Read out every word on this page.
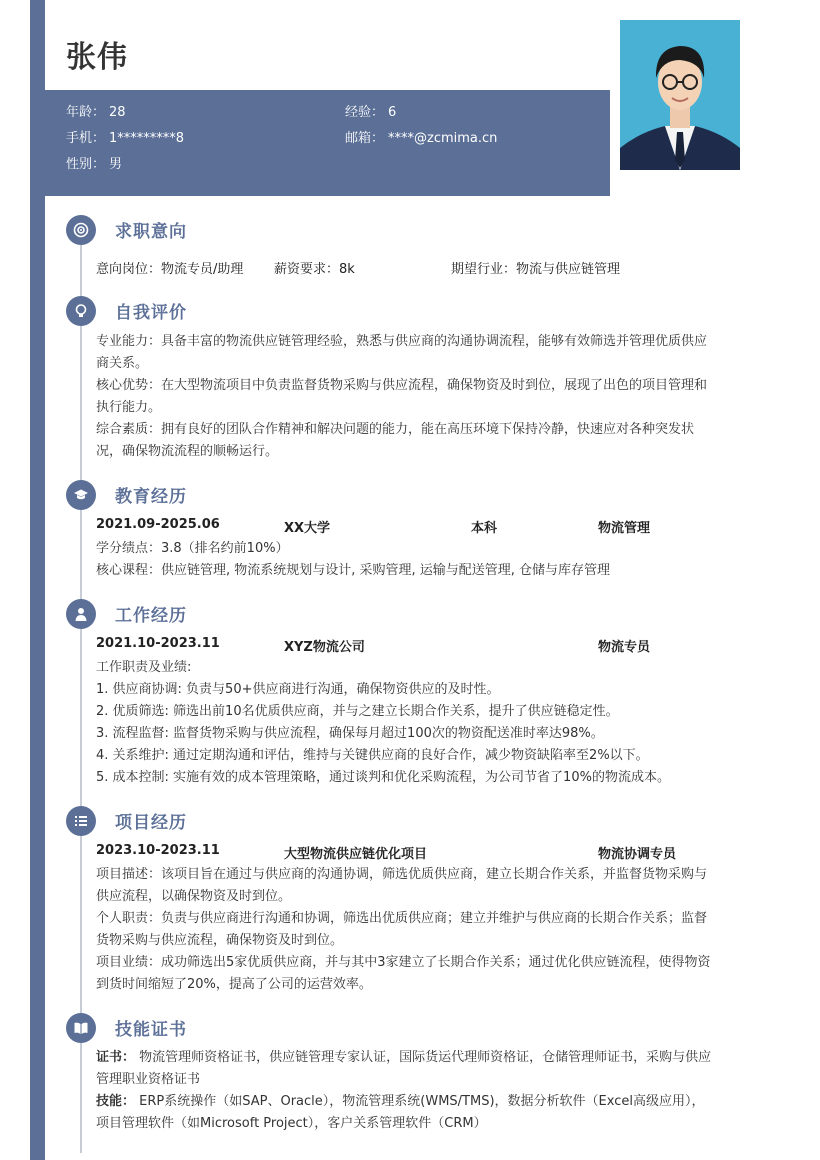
张伟
年龄： 28	经验： 6
手机： 1*********8	邮箱： ****@zcmima.cn
性别： 男
求职意向
意向岗位：物流专员/助理 薪资要求：8k	期望行业：物流与供应链管理
自我评价
专业能力：具备丰富的物流供应链管理经验，熟悉与供应商的沟通协调流程，能够有效筛选并管理优质供应
商关系。
核心优势：在大型物流项目中负责监督货物采购与供应流程，确保物资及时到位，展现了出色的项目管理和
执行能力。
综合素质：拥有良好的团队合作精神和解决问题的能力，能在高压环境下保持冷静，快速应对各种突发状
况，确保物流流程的顺畅运行。
教育经历
2021.09-2025.06	XX大学	本科	物流管理
学分绩点：3.8（排名约前10%）
核心课程：供应链管理, 物流系统规划与设计, 采购管理, 运输与配送管理, 仓储与库存管理
工作经历
2021.10-2023.11	XYZ物流公司	物流专员
工作职责及业绩:
1. 供应商协调: 负责与50+供应商进行沟通，确保物资供应的及时性。
2. 优质筛选: 筛选出前10名优质供应商，并与之建立长期合作关系，提升了供应链稳定性。
3. 流程监督: 监督货物采购与供应流程，确保每月超过100次的物资配送准时率达98%。
4. 关系维护: 通过定期沟通和评估，维持与关键供应商的良好合作，减少物资缺陷率至2%以下。
5. 成本控制: 实施有效的成本管理策略，通过谈判和优化采购流程，为公司节省了10%的物流成本。
项目经历
2023.10-2023.11	大型物流供应链优化项目	物流协调专员
项目描述：该项目旨在通过与供应商的沟通协调，筛选优质供应商，建立长期合作关系，并监督货物采购与
供应流程，以确保物资及时到位。
个人职责：负责与供应商进行沟通和协调，筛选出优质供应商；建立并维护与供应商的长期合作关系；监督
货物采购与供应流程，确保物资及时到位。
项目业绩：成功筛选出5家优质供应商，并与其中3家建立了长期合作关系；通过优化供应链流程，使得物资
到货时间缩短了20%，提高了公司的运营效率。
技能证书
证书： 物流管理师资格证书，供应链管理专家认证，国际货运代理师资格证，仓储管理师证书，采购与供应
管理职业资格证书
技能： ERP系统操作（如SAP、Oracle），物流管理系统(WMS/TMS)，数据分析软件（Excel高级应用），
项目管理软件（如Microsoft Project），客户关系管理软件（CRM）
